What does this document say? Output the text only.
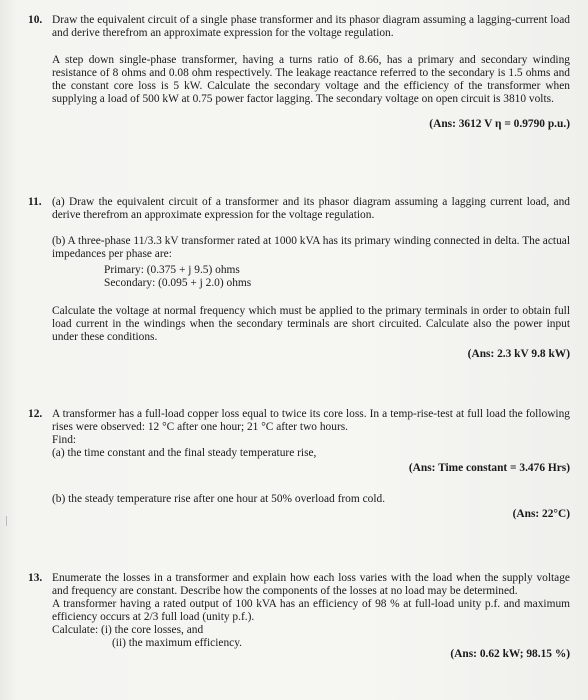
10. Draw the equivalent circuit of a single phase transformer and its phasor diagram assuming a lagging-current load and derive therefrom an approximate expression for the voltage regulation.

A step down single-phase transformer, having a turns ratio of 8.66, has a primary and secondary winding resistance of 8 ohms and 0.08 ohm respectively. The leakage reactance referred to the secondary is 1.5 ohms and the constant core loss is 5 kW. Calculate the secondary voltage and the efficiency of the transformer when supplying a load of 500 kW at 0.75 power factor lagging. The secondary voltage on open circuit is 3810 volts.

(Ans: 3612 V η = 0.9790 p.u.)

11. (a) Draw the equivalent circuit of a transformer and its phasor diagram assuming a lagging current load, and derive therefrom an approximate expression for the voltage regulation.

(b) A three-phase 11/3.3 kV transformer rated at 1000 kVA has its primary winding connected in delta. The actual impedances per phase are:

Primary: (0.375 + j 9.5) ohms
Secondary: (0.095 + j 2.0) ohms

Calculate the voltage at normal frequency which must be applied to the primary terminals in order to obtain full load current in the windings when the secondary terminals are short circuited. Calculate also the power input under these conditions.

(Ans: 2.3 kV 9.8 kW)

12. A transformer has a full-load copper loss equal to twice its core loss. In a temp-rise-test at full load the following rises were observed: 12 °C after one hour; 21 °C after two hours.

Find:

(a) the time constant and the final steady temperature rise,

(Ans: Time constant = 3.476 Hrs)

(b) the steady temperature rise after one hour at 50% overload from cold.

(Ans: 22°C)

13. Enumerate the losses in a transformer and explain how each loss varies with the load when the supply voltage and frequency are constant. Describe how the components of the losses at no load may be determined.

A transformer having a rated output of 100 kVA has an efficiency of 98 % at full-load unity p.f. and maximum efficiency occurs at 2/3 full load (unity p.f.).

Calculate: (i) the core losses, and

(ii) the maximum efficiency.

(Ans: 0.62 kW; 98.15 %)
